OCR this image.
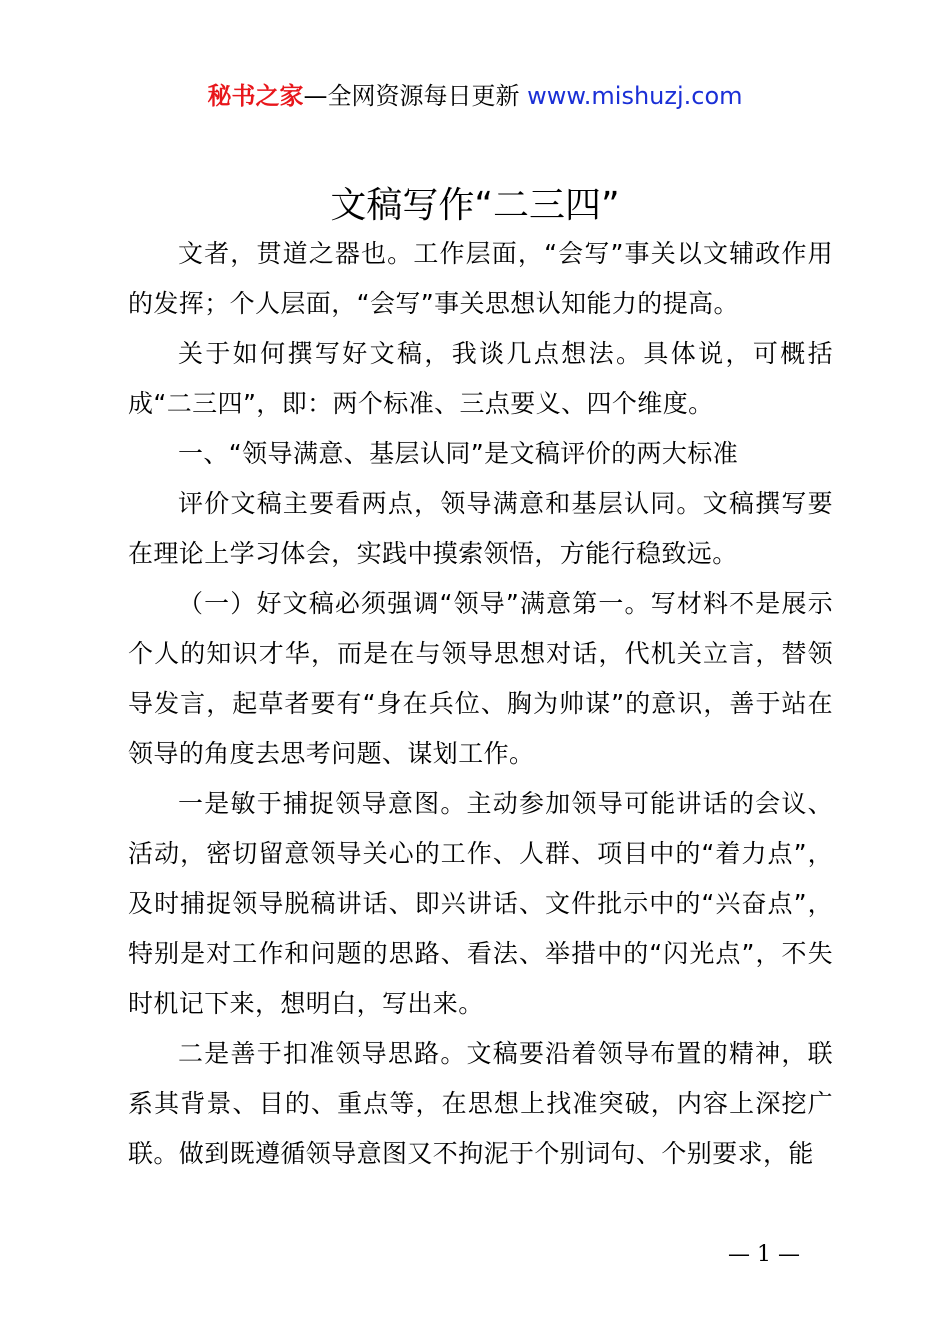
秘书之家—全网资源每日更新 www.mishuzj.com
文稿写作“二三四”

文者，贯道之器也。工作层面，“会写”事关以文辅政作用的发挥；个人层面，“会写”事关思想认知能力的提高。

关于如何撰写好文稿，我谈几点想法。具体说，可概括成“二三四”，即：两个标准、三点要义、四个维度。

一、“领导满意、基层认同”是文稿评价的两大标准

评价文稿主要看两点，领导满意和基层认同。文稿撰写要在理论上学习体会，实践中摸索领悟，方能行稳致远。

（一）好文稿必须强调“领导”满意第一。写材料不是展示个人的知识才华，而是在与领导思想对话，代机关立言，替领导发言，起草者要有“身在兵位、胸为帅谋”的意识，善于站在领导的角度去思考问题、谋划工作。

一是敏于捕捉领导意图。主动参加领导可能讲话的会议、活动，密切留意领导关心的工作、人群、项目中的“着力点”，及时捕捉领导脱稿讲话、即兴讲话、文件批示中的“兴奋点”，特别是对工作和问题的思路、看法、举措中的“闪光点”，不失时机记下来，想明白，写出来。

二是善于扣准领导思路。文稿要沿着领导布置的精神，联系其背景、目的、重点等，在思想上找准突破，内容上深挖广联。做到既遵循领导意图又不拘泥于个别词句、个别要求，能

— 1 —
